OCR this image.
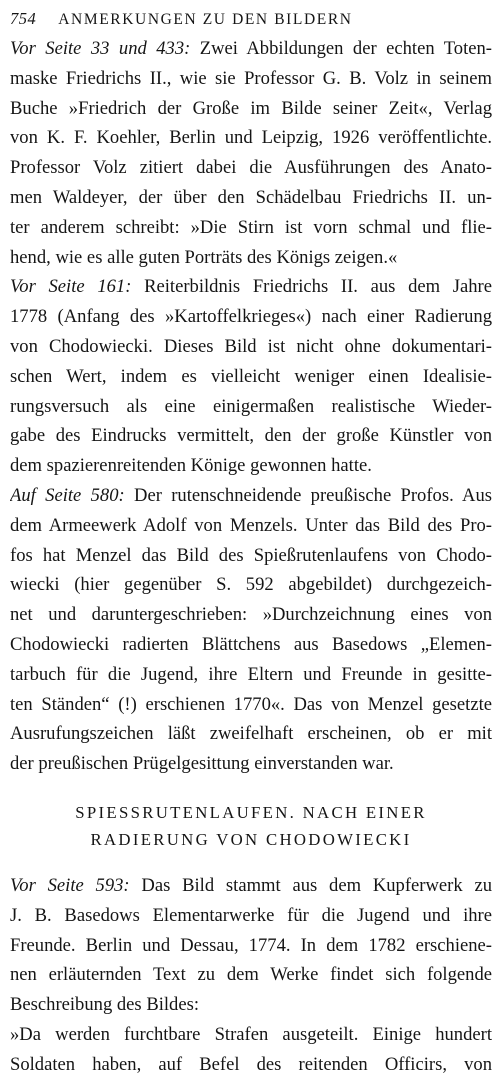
754 ANMERKUNGEN ZU DEN BILDERN
Vor Seite 33 und 433: Zwei Abbildungen der echten Toten-
maske Friedrichs II., wie sie Professor G. B. Volz in seinem
Buche »Friedrich der Große im Bilde seiner Zeit«, Verlag
von K. F. Koehler, Berlin und Leipzig, 1926 veröffentlichte.
Professor Volz zitiert dabei die Ausführungen des Anato-
men Waldeyer, der über den Schädelbau Friedrichs II. un-
ter anderem schreibt: »Die Stirn ist vorn schmal und flie-
hend, wie es alle guten Porträts des Königs zeigen.«
Vor Seite 161: Reiterbildnis Friedrichs II. aus dem Jahre
1778 (Anfang des »Kartoffelkrieges«) nach einer Radierung
von Chodowiecki. Dieses Bild ist nicht ohne dokumentari-
schen Wert, indem es vielleicht weniger einen Idealisie-
rungsversuch als eine einigermaßen realistische Wieder-
gabe des Eindrucks vermittelt, den der große Künstler von
dem spazierenreitenden Könige gewonnen hatte.
Auf Seite 580: Der rutenschneidende preußische Profos. Aus
dem Armeewerk Adolf von Menzels. Unter das Bild des Pro-
fos hat Menzel das Bild des Spießrutenlaufens von Chodo-
wiecki (hier gegenüber S. 592 abgebildet) durchgezeich-
net und daruntergeschrieben: »Durchzeichnung eines von
Chodowiecki radierten Blättchens aus Basedows „Elemen-
tarbuch für die Jugend, ihre Eltern und Freunde in gesitte-
ten Ständen“ (!) erschienen 1770«. Das von Menzel gesetzte
Ausrufungszeichen läßt zweifelhaft erscheinen, ob er mit
der preußischen Prügelgesittung einverstanden war.
SPIESSRUTENLAUFEN. NACH EINER
RADIERUNG VON CHODOWIECKI
Vor Seite 593: Das Bild stammt aus dem Kupferwerk zu
J. B. Basedows Elementarwerke für die Jugend und ihre
Freunde. Berlin und Dessau, 1774. In dem 1782 erschiene-
nen erläuternden Text zu dem Werke findet sich folgende
Beschreibung des Bildes:
»Da werden furchtbare Strafen ausgeteilt. Einige hundert
Soldaten haben, auf Befel des reitenden Officirs, von
